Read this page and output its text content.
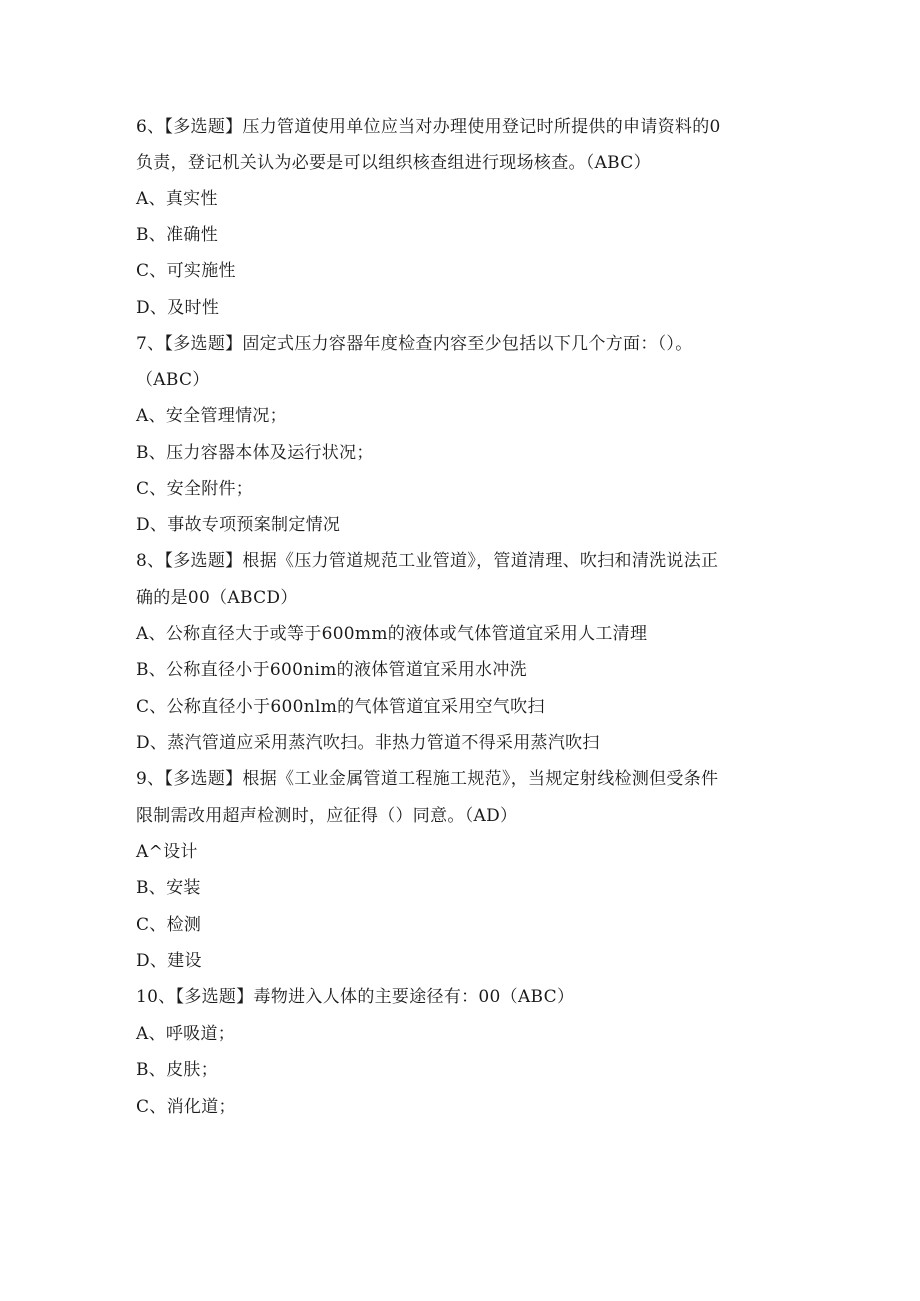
6、【多选题】压力管道使用单位应当对办理使用登记时所提供的申请资料的0
负责，登记机关认为必要是可以组织核查组进行现场核查。（ABC）
A、真实性
B、准确性
C、可实施性
D、及时性
7、【多选题】固定式压力容器年度检查内容至少包括以下几个方面：（）。
（ABC）
A、安全管理情况；
B、压力容器本体及运行状况；
C、安全附件；
D、事故专项预案制定情况
8、【多选题】根据《压力管道规范工业管道》，管道清理、吹扫和清洗说法正
确的是00（ABCD）
A、公称直径大于或等于600mm的液体或气体管道宜采用人工清理
B、公称直径小于600nim的液体管道宜采用水冲洗
C、公称直径小于600nlm的气体管道宜采用空气吹扫
D、蒸汽管道应采用蒸汽吹扫。非热力管道不得采用蒸汽吹扫
9、【多选题】根据《工业金属管道工程施工规范》，当规定射线检测但受条件
限制需改用超声检测时，应征得（）同意。（AD）
A^设计
B、安装
C、检测
D、建设
10、【多选题】毒物进入人体的主要途径有：00（ABC）
A、呼吸道；
B、皮肤；
C、消化道；
